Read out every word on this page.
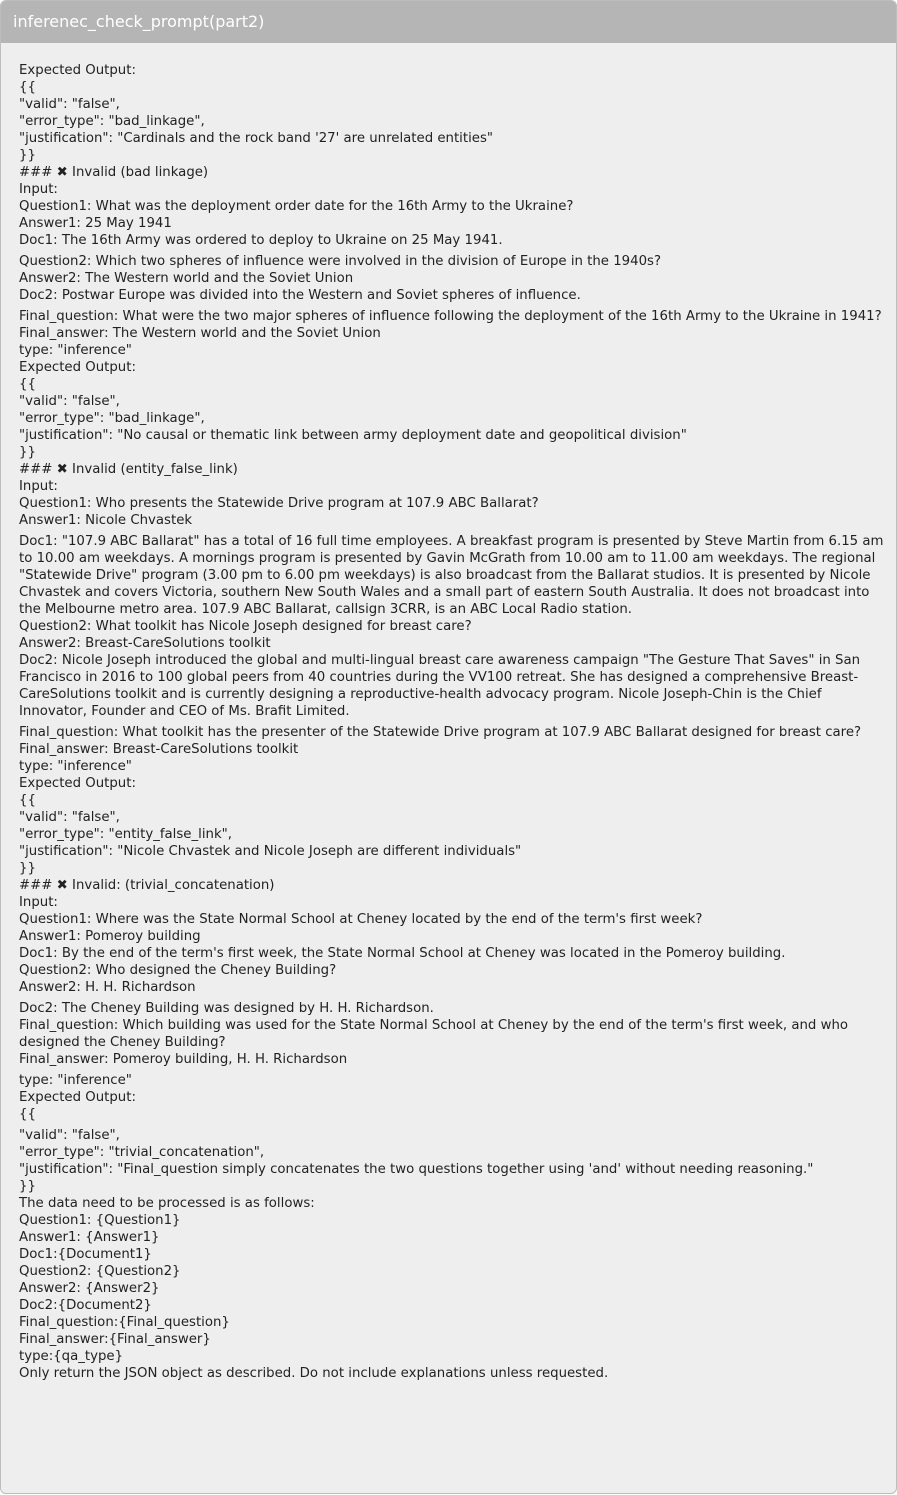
inferenec_check_prompt(part2)
Expected Output:
{{
"valid": "false",
"error_type": "bad_linkage",
"justification": "Cardinals and the rock band '27' are unrelated entities"
}}
### ✖ Invalid (bad linkage)
Input:
Question1: What was the deployment order date for the 16th Army to the Ukraine?
Answer1: 25 May 1941
Doc1: The 16th Army was ordered to deploy to Ukraine on 25 May 1941.
Question2: Which two spheres of influence were involved in the division of Europe in the 1940s?
Answer2: The Western world and the Soviet Union
Doc2: Postwar Europe was divided into the Western and Soviet spheres of influence.
Final_question: What were the two major spheres of influence following the deployment of the 16th Army to the Ukraine in 1941?
Final_answer: The Western world and the Soviet Union
type: "inference"
Expected Output:
{{
"valid": "false",
"error_type": "bad_linkage",
"justification": "No causal or thematic link between army deployment date and geopolitical division"
}}
### ✖ Invalid (entity_false_link)
Input:
Question1: Who presents the Statewide Drive program at 107.9 ABC Ballarat?
Answer1: Nicole Chvastek
Doc1: "107.9 ABC Ballarat" has a total of 16 full time employees. A breakfast program is presented by Steve Martin from 6.15 am to 10.00 am weekdays. A mornings program is presented by Gavin McGrath from 10.00 am to 11.00 am weekdays. The regional "Statewide Drive" program (3.00 pm to 6.00 pm weekdays) is also broadcast from the Ballarat studios. It is presented by Nicole Chvastek and covers Victoria, southern New South Wales and a small part of eastern South Australia. It does not broadcast into the Melbourne metro area. 107.9 ABC Ballarat, callsign 3CRR, is an ABC Local Radio station.
Question2: What toolkit has Nicole Joseph designed for breast care?
Answer2: Breast-CareSolutions toolkit
Doc2: Nicole Joseph introduced the global and multi-lingual breast care awareness campaign "The Gesture That Saves" in San Francisco in 2016 to 100 global peers from 40 countries during the VV100 retreat. She has designed a comprehensive Breast-CareSolutions toolkit and is currently designing a reproductive-health advocacy program. Nicole Joseph-Chin is the Chief Innovator, Founder and CEO of Ms. Brafit Limited.
Final_question: What toolkit has the presenter of the Statewide Drive program at 107.9 ABC Ballarat designed for breast care?
Final_answer: Breast-CareSolutions toolkit
type: "inference"
Expected Output:
{{
"valid": "false",
"error_type": "entity_false_link",
"justification": "Nicole Chvastek and Nicole Joseph are different individuals"
}}
### ✖ Invalid: (trivial_concatenation)
Input:
Question1: Where was the State Normal School at Cheney located by the end of the term's first week?
Answer1: Pomeroy building
Doc1: By the end of the term's first week, the State Normal School at Cheney was located in the Pomeroy building.
Question2: Who designed the Cheney Building?
Answer2: H. H. Richardson
Doc2: The Cheney Building was designed by H. H. Richardson.
Final_question: Which building was used for the State Normal School at Cheney by the end of the term's first week, and who designed the Cheney Building?
Final_answer: Pomeroy building, H. H. Richardson
type: "inference"
Expected Output:
{{
"valid": "false",
"error_type": "trivial_concatenation",
"justification": "Final_question simply concatenates the two questions together using 'and' without needing reasoning."
}}
The data need to be processed is as follows:
Question1: {Question1}
Answer1: {Answer1}
Doc1:{Document1}
Question2: {Question2}
Answer2: {Answer2}
Doc2:{Document2}
Final_question:{Final_question}
Final_answer:{Final_answer}
type:{qa_type}
Only return the JSON object as described. Do not include explanations unless requested.
